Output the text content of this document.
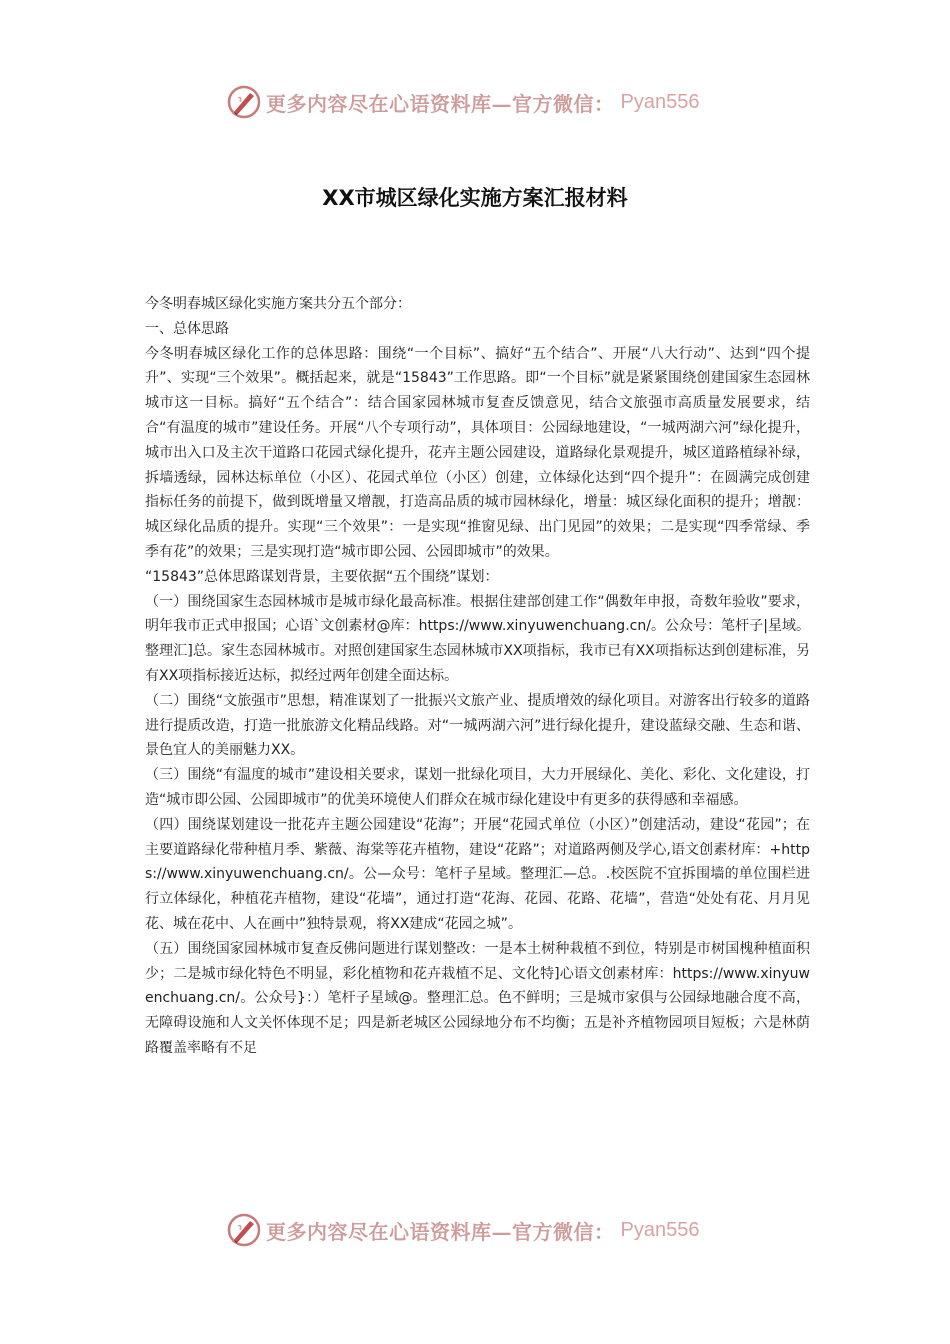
更多内容尽在心语资料库—官方微信： Pyan556
XX市城区绿化实施方案汇报材料

今冬明春城区绿化实施方案共分五个部分：

一、总体思路

今冬明春城区绿化工作的总体思路：围绕“一个目标”、搞好“五个结合”、开展“八大行动”、达到“四个提升”、实现“三个效果”。概括起来，就是“15843”工作思路。即“一个目标”就是紧紧围绕创建国家生态园林城市这一目标。搞好“五个结合”：结合国家园林城市复查反馈意见，结合文旅强市高质量发展要求，结合“有温度的城市”建设任务。开展“八个专项行动”，具体项目：公园绿地建设，“一城两湖六河”绿化提升，城市出入口及主次干道路口花园式绿化提升，花卉主题公园建设，道路绿化景观提升，城区道路植绿补绿，拆墙透绿，园林达标单位（小区）、花园式单位（小区）创建，立体绿化达到“四个提升”：在圆满完成创建指标任务的前提下，做到既增量又增靓，打造高品质的城市园林绿化，增量：城区绿化面积的提升；增靓：城区绿化品质的提升。实现“三个效果”：一是实现“推窗见绿、出门见园”的效果；二是实现“四季常绿、季季有花”的效果；三是实现打造“城市即公园、公园即城市”的效果。

“15843”总体思路谋划背景，主要依据“五个围绕”谋划：

（一）围绕国家生态园林城市是城市绿化最高标准。根据住建部创建工作“偶数年申报，奇数年验收”要求，明年我市正式申报国；心语`文创素材@库：https://www.xinyuwenchuang.cn/。公众号：笔杆子|星域。整理汇]总。家生态园林城市。对照创建国家生态园林城市XX项指标，我市已有XX项指标达到创建标准，另有XX项指标接近达标，拟经过两年创建全面达标。

（二）围绕“文旅强市”思想，精准谋划了一批振兴文旅产业、提质增效的绿化项目。对游客出行较多的道路进行提质改造，打造一批旅游文化精品线路。对“一城两湖六河”进行绿化提升，建设蓝绿交融、生态和谐、景色宜人的美丽魅力XX。

（三）围绕“有温度的城市”建设相关要求，谋划一批绿化项目，大力开展绿化、美化、彩化、文化建设，打造“城市即公园、公园即城市”的优美环境使人们群众在城市绿化建设中有更多的获得感和幸福感。

（四）围绕谋划建设一批花卉主题公园建设“花海”；开展“花园式单位（小区）”创建活动，建设“花园”；在主要道路绿化带种植月季、紫薇、海棠等花卉植物，建设“花路”；对道路两侧及学心,语文创素材库：+https://www.xinyuwenchuang.cn/。公—众号：笔杆子星域。整理汇—总。.校医院不宜拆围墙的单位围栏进行立体绿化，种植花卉植物，建设“花墙”，通过打造“花海、花园、花路、花墙”，营造“处处有花、月月见花、城在花中、人在画中”独特景观，将XX建成“花园之城”。

（五）围绕国家园林城市复查反佛问题进行谋划整改：一是本土树种栽植不到位，特别是市树国槐种植面积少；二是城市绿化特色不明显，彩化植物和花卉栽植不足、文化特]心语文创素材库：https://www.xinyuwenchuang.cn/。公众号}：）笔杆子星域@。整理汇总。色不鲜明；三是城市家俱与公园绿地融合度不高，无障碍设施和人文关怀体现不足；四是新老城区公园绿地分布不均衡；五是补齐植物园项目短板；六是林荫路覆盖率略有不足

更多内容尽在心语资料库—官方微信： Pyan556
